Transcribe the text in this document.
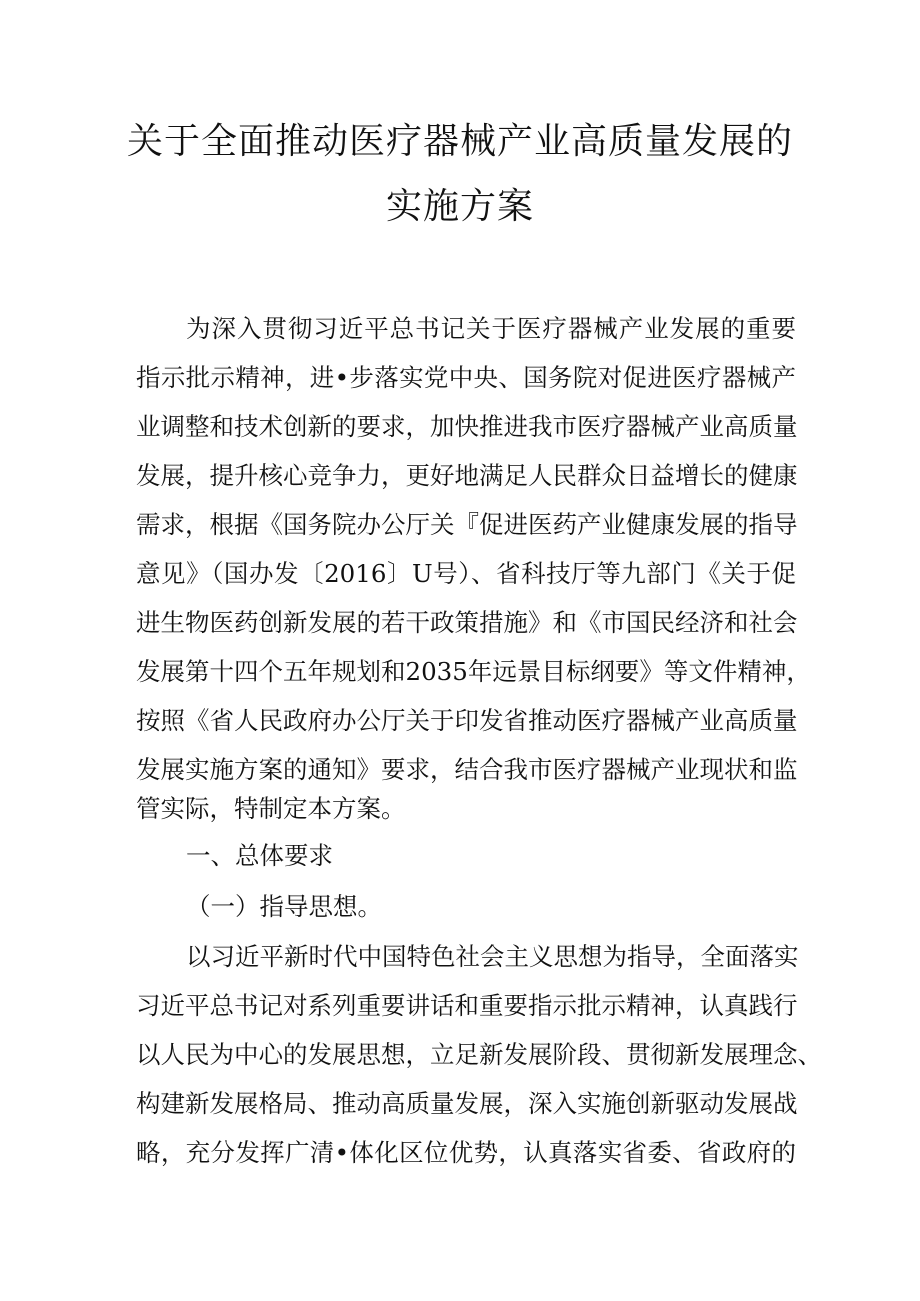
关于全面推动医疗器械产业高质量发展的
实施方案
为深入贯彻习近平总书记关于医疗器械产业发展的重要
指示批示精神，进•步落实党中央、国务院对促进医疗器械产
业调整和技术创新的要求，加快推进我市医疗器械产业高质量
发展，提升核心竞争力，更好地满足人民群众日益增长的健康
需求，根据《国务院办公厅关『促进医药产业健康发展的指导
意见》（国办发〔2016〕U号）、省科技厅等九部门《关于促
进生物医药创新发展的若干政策措施》和《市国民经济和社会
发展第十四个五年规划和2035年远景目标纲要》等文件精神，
按照《省人民政府办公厅关于印发省推动医疗器械产业高质量
发展实施方案的通知》要求，结合我市医疗器械产业现状和监
管实际，特制定本方案。
一、总体要求
（一）指导思想。
以习近平新时代中国特色社会主义思想为指导，全面落实
习近平总书记对系列重要讲话和重要指示批示精神，认真践行
以人民为中心的发展思想，立足新发展阶段、贯彻新发展理念、
构建新发展格局、推动高质量发展，深入实施创新驱动发展战
略，充分发挥广清•体化区位优势，认真落实省委、省政府的
